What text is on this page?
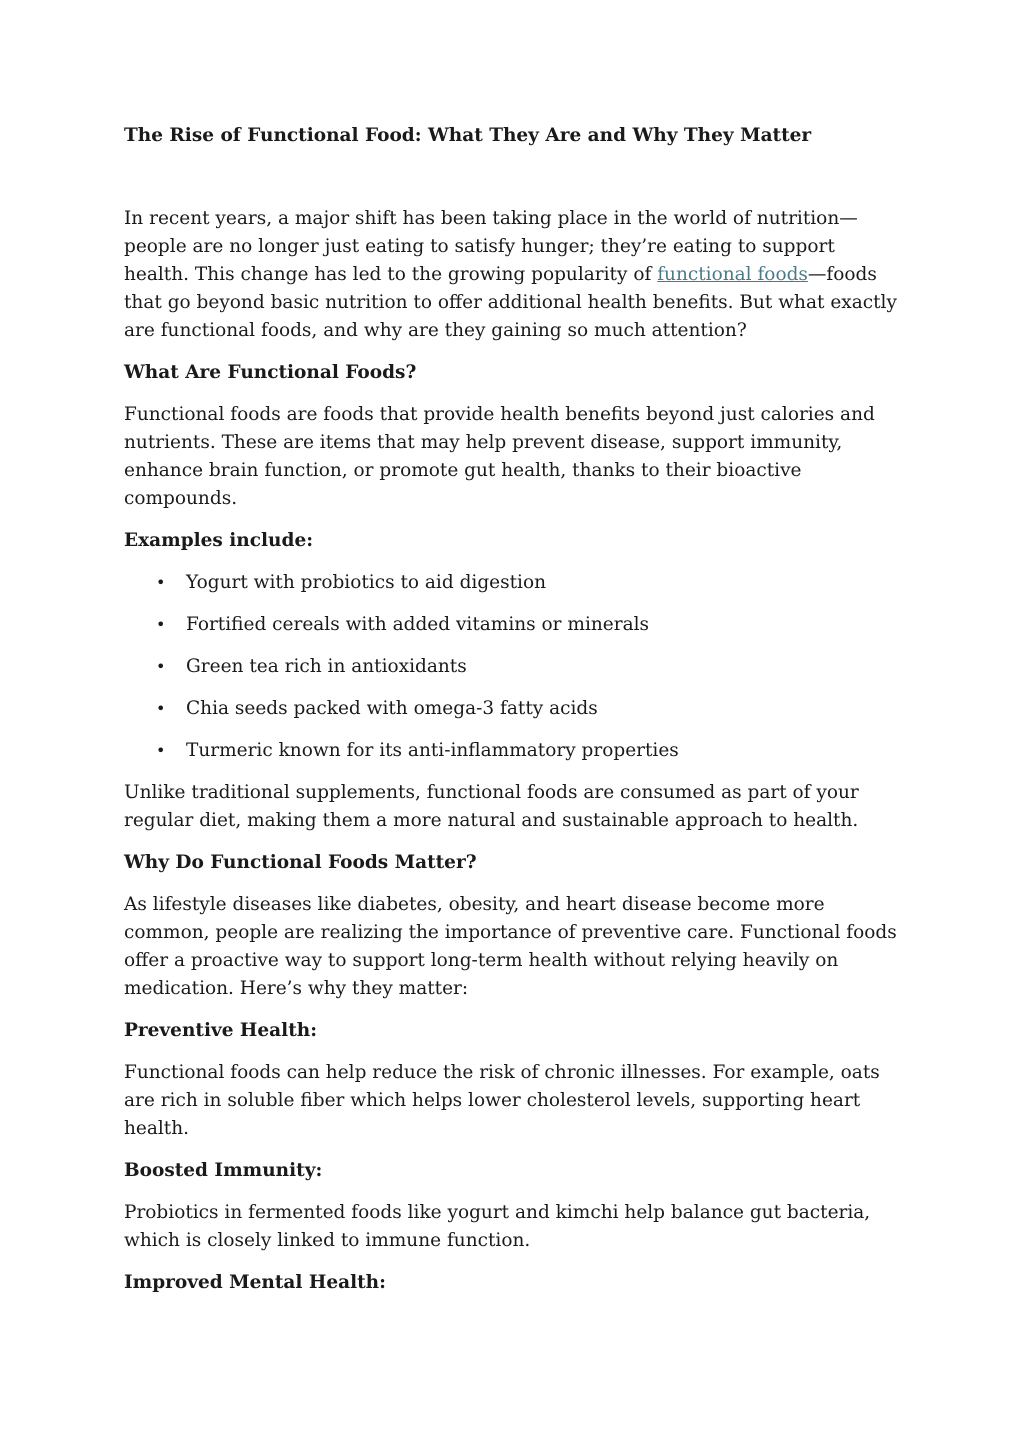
The Rise of Functional Food: What They Are and Why They Matter

In recent years, a major shift has been taking place in the world of nutrition—people are no longer just eating to satisfy hunger; they’re eating to support health. This change has led to the growing popularity of functional foods—foods that go beyond basic nutrition to offer additional health benefits. But what exactly are functional foods, and why are they gaining so much attention?

What Are Functional Foods?

Functional foods are foods that provide health benefits beyond just calories and nutrients. These are items that may help prevent disease, support immunity, enhance brain function, or promote gut health, thanks to their bioactive compounds.

Examples include:
• Yogurt with probiotics to aid digestion
• Fortified cereals with added vitamins or minerals
• Green tea rich in antioxidants
• Chia seeds packed with omega-3 fatty acids
• Turmeric known for its anti-inflammatory properties

Unlike traditional supplements, functional foods are consumed as part of your regular diet, making them a more natural and sustainable approach to health.

Why Do Functional Foods Matter?

As lifestyle diseases like diabetes, obesity, and heart disease become more common, people are realizing the importance of preventive care. Functional foods offer a proactive way to support long-term health without relying heavily on medication. Here’s why they matter:

Preventive Health:

Functional foods can help reduce the risk of chronic illnesses. For example, oats are rich in soluble fiber which helps lower cholesterol levels, supporting heart health.

Boosted Immunity:

Probiotics in fermented foods like yogurt and kimchi help balance gut bacteria, which is closely linked to immune function.

Improved Mental Health:
